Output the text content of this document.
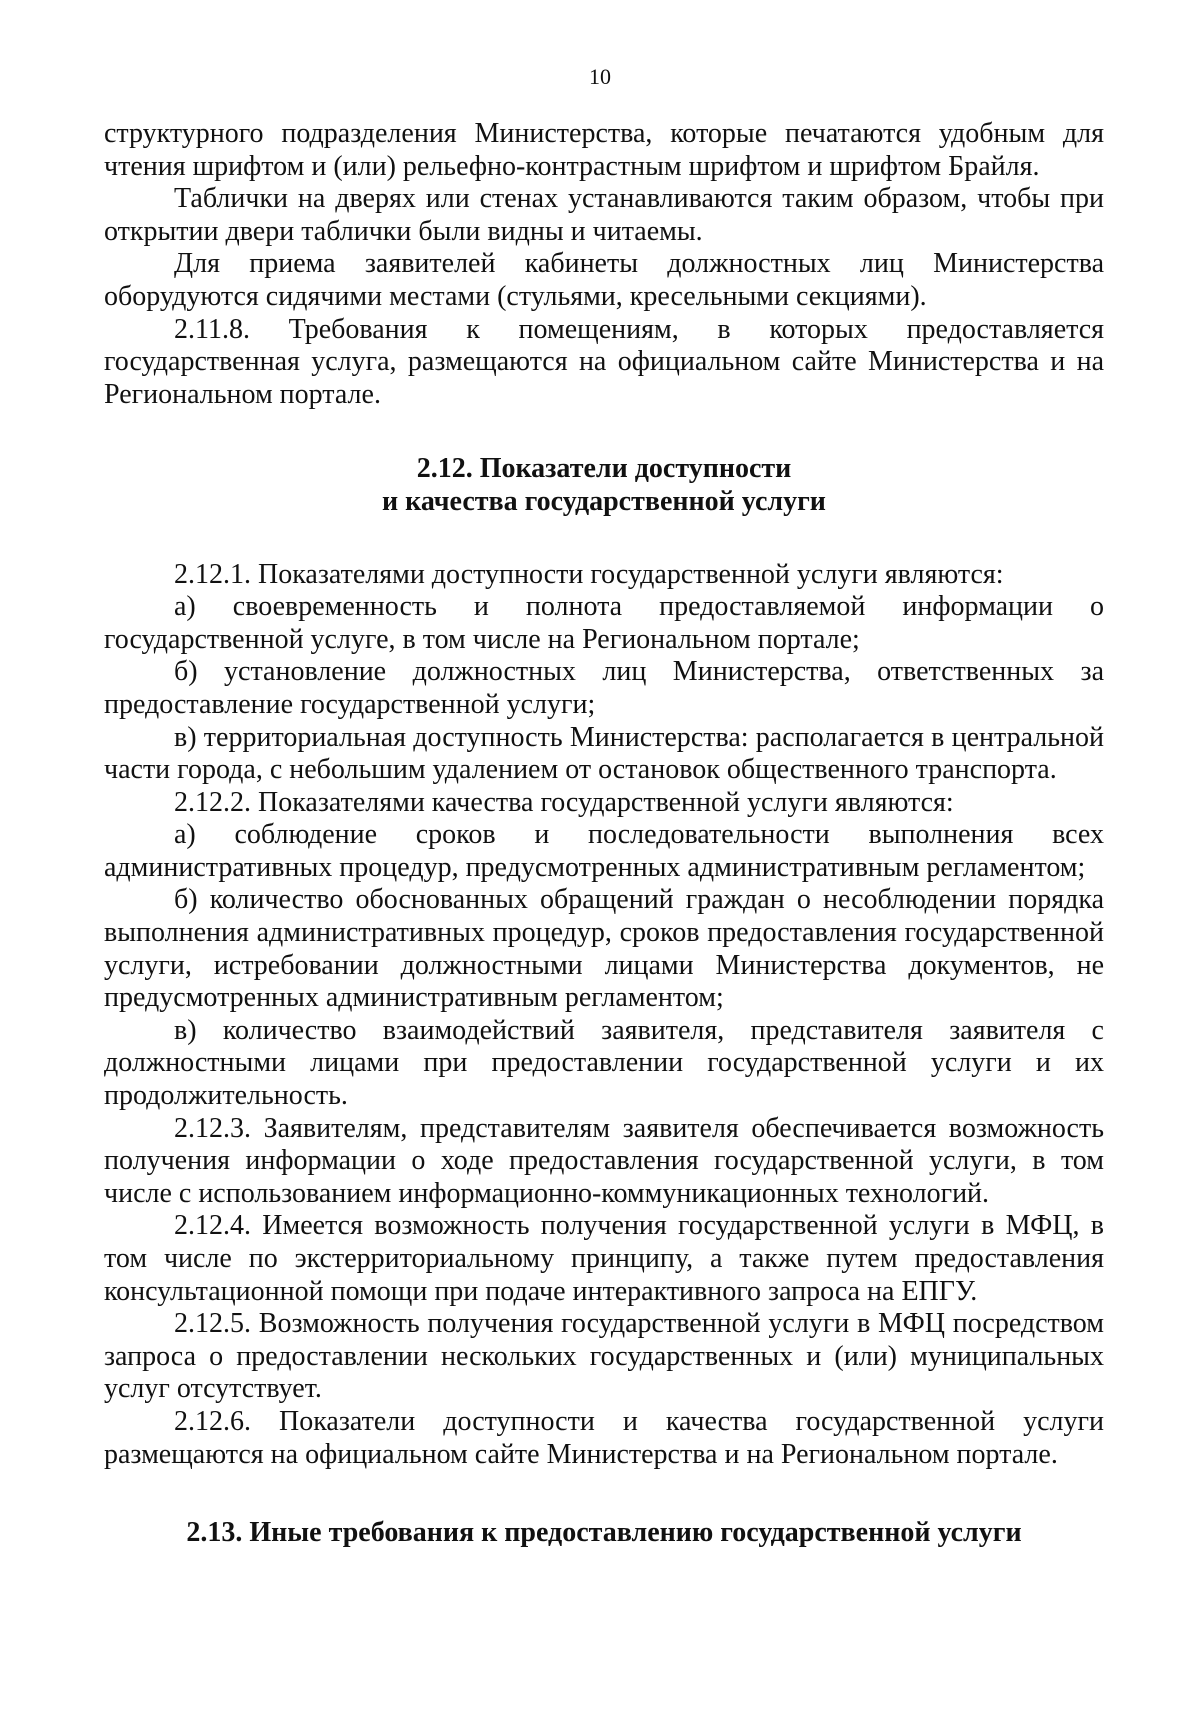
10

структурного подразделения Министерства, которые печатаются удобным для чтения шрифтом и (или) рельефно-контрастным шрифтом и шрифтом Брайля.

Таблички на дверях или стенах устанавливаются таким образом, чтобы при открытии двери таблички были видны и читаемы.

Для приема заявителей кабинеты должностных лиц Министерства оборудуются сидячими местами (стульями, кресельными секциями).

2.11.8. Требования к помещениям, в которых предоставляется государственная услуга, размещаются на официальном сайте Министерства и на Региональном портале.

2.12. Показатели доступности
и качества государственной услуги

2.12.1. Показателями доступности государственной услуги являются:

а) своевременность и полнота предоставляемой информации о государственной услуге, в том числе на Региональном портале;

б) установление должностных лиц Министерства, ответственных за предоставление государственной услуги;

в) территориальная доступность Министерства: располагается в центральной части города, с небольшим удалением от остановок общественного транспорта.

2.12.2. Показателями качества государственной услуги являются:

а) соблюдение сроков и последовательности выполнения всех административных процедур, предусмотренных административным регламентом;

б) количество обоснованных обращений граждан о несоблюдении порядка выполнения административных процедур, сроков предоставления государственной услуги, истребовании должностными лицами Министерства документов, не предусмотренных административным регламентом;

в) количество взаимодействий заявителя, представителя заявителя с должностными лицами при предоставлении государственной услуги и их продолжительность.

2.12.3. Заявителям, представителям заявителя обеспечивается возможность получения информации о ходе предоставления государственной услуги, в том числе с использованием информационно-коммуникационных технологий.

2.12.4. Имеется возможность получения государственной услуги в МФЦ, в том числе по экстерриториальному принципу, а также путем предоставления консультационной помощи при подаче интерактивного запроса на ЕПГУ.

2.12.5. Возможность получения государственной услуги в МФЦ посредством запроса о предоставлении нескольких государственных и (или) муниципальных услуг отсутствует.

2.12.6. Показатели доступности и качества государственной услуги размещаются на официальном сайте Министерства и на Региональном портале.

2.13. Иные требования к предоставлению государственной услуги
